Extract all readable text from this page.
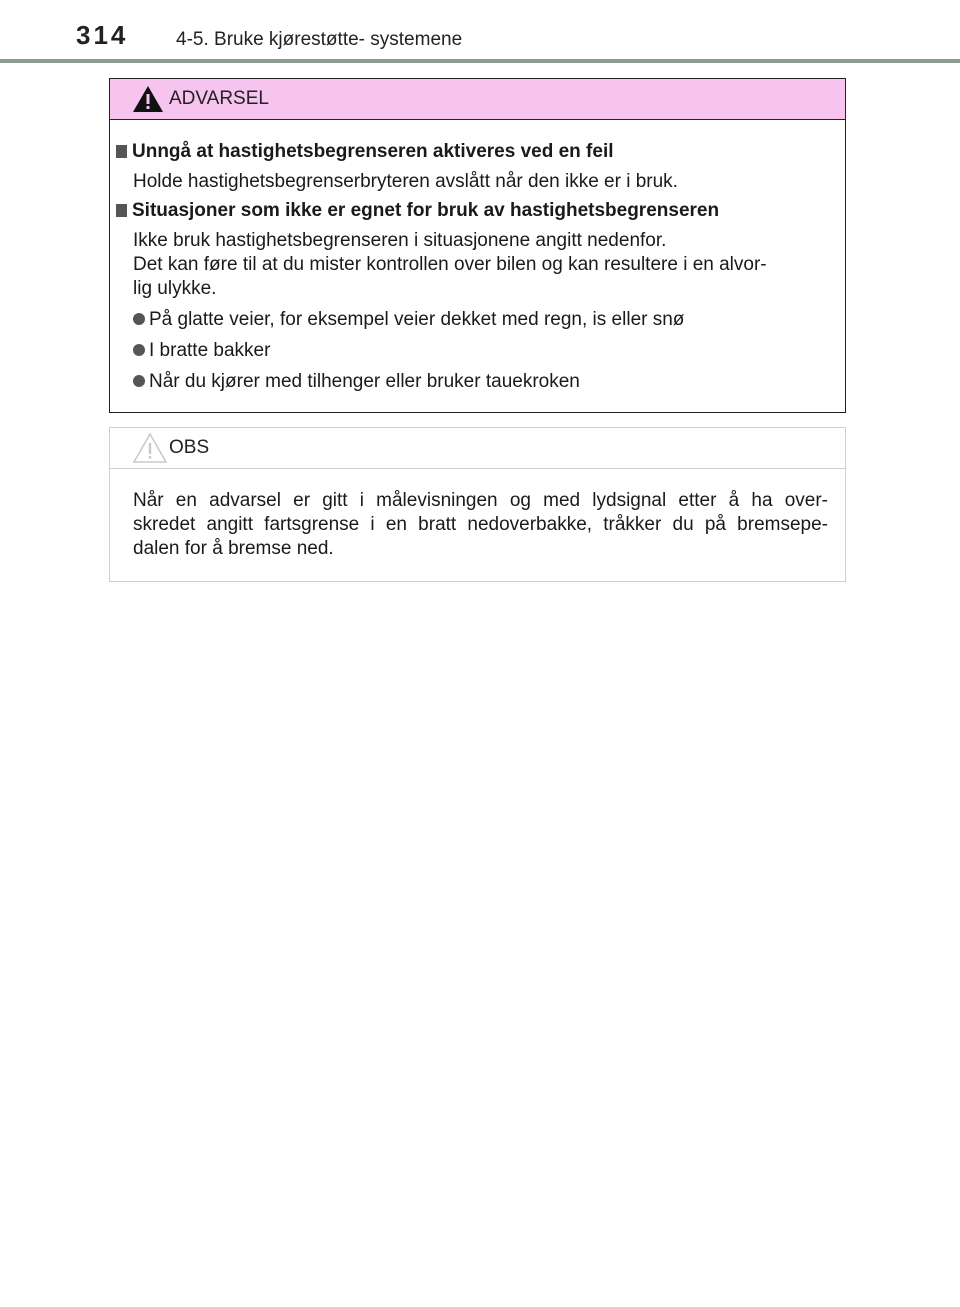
314	4-5. Bruke kjørestøtte- systemene
ADVARSEL
Unngå at hastighetsbegrenseren aktiveres ved en feil
Holde hastighetsbegrenserbryteren avslått når den ikke er i bruk.
Situasjoner som ikke er egnet for bruk av hastighetsbegrenseren
Ikke bruk hastighetsbegrenseren i situasjonene angitt nedenfor.
Det kan føre til at du mister kontrollen over bilen og kan resultere i en alvor-
lig ulykke.
På glatte veier, for eksempel veier dekket med regn, is eller snø
I bratte bakker
Når du kjører med tilhenger eller bruker tauekroken
OBS
Når en advarsel er gitt i målevisningen og med lydsignal etter å ha over-
skredet angitt fartsgrense i en bratt nedoverbakke, tråkker du på bremsepe-
dalen for å bremse ned.
